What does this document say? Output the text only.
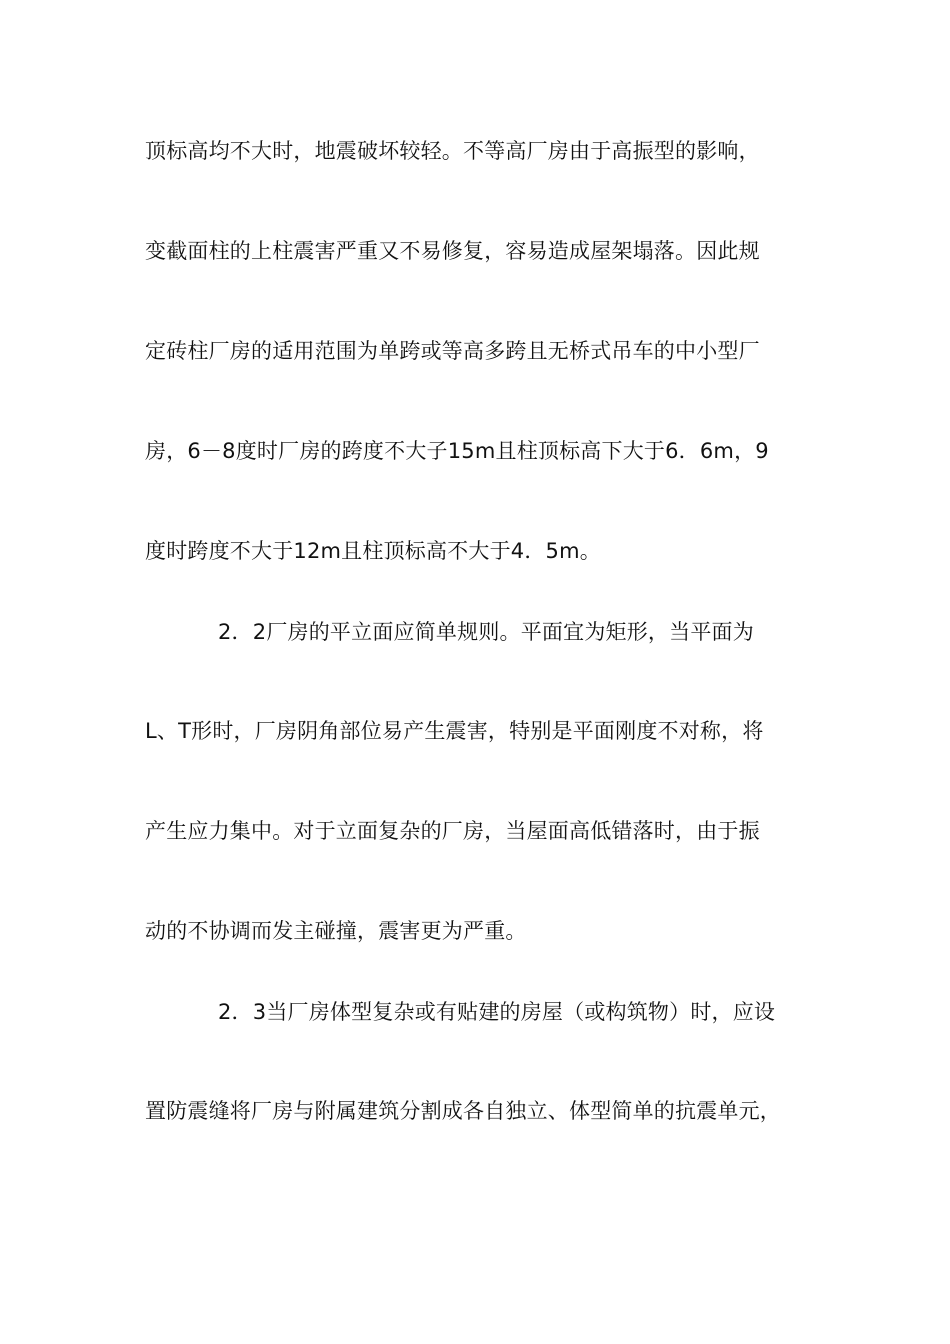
顶标高均不大时，地震破坏较轻。不等高厂房由于高振型的影响，
变截面柱的上柱震害严重又不易修复，容易造成屋架塌落。因此规
定砖柱厂房的适用范围为单跨或等高多跨且无桥式吊车的中小型厂
房，6－8度时厂房的跨度不大子15m且柱顶标高下大于6．6m，9
度时跨度不大于12m且柱顶标高不大于4．5m。
2．2厂房的平立面应简单规则。平面宜为矩形，当平面为
L、T形时，厂房阴角部位易产生震害，特别是平面刚度不对称，将
产生应力集中。对于立面复杂的厂房，当屋面高低错落时，由于振
动的不协调而发主碰撞，震害更为严重。
2．3当厂房体型复杂或有贴建的房屋（或构筑物）时，应设
置防震缝将厂房与附属建筑分割成各自独立、体型简单的抗震单元，
